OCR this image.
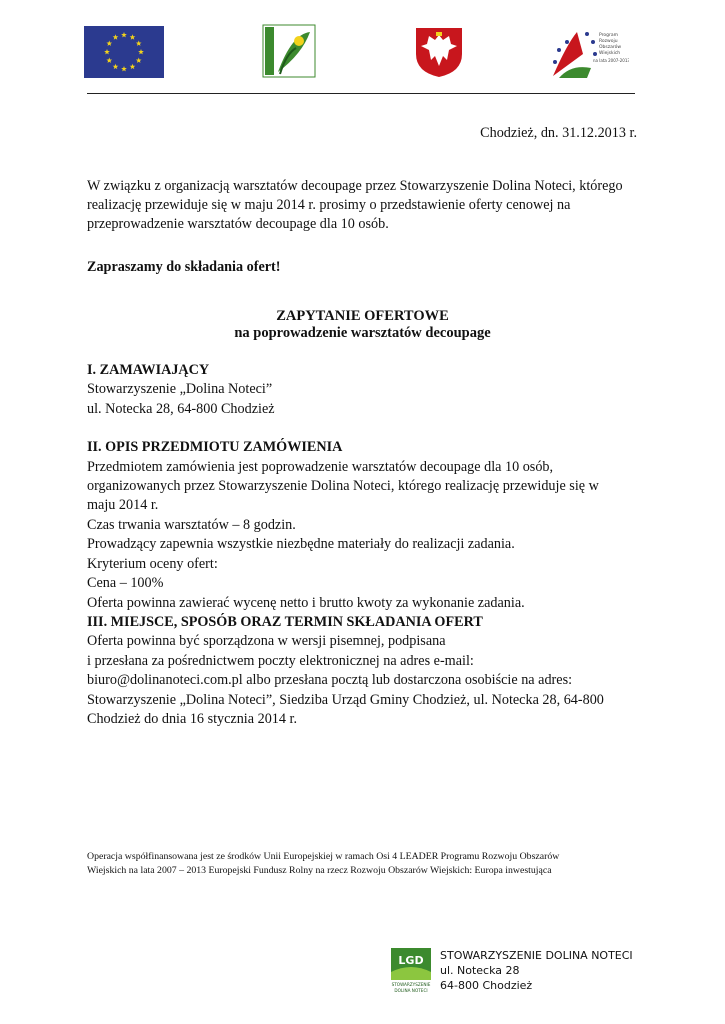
Program
Rozwoju
Obszarów
Wiejskich
na lata 2007-2013
Chodzież, dn. 31.12.2013 r.
W związku z organizacją warsztatów decoupage przez Stowarzyszenie Dolina Noteci, którego realizację przewiduje się w maju 2014 r. prosimy o przedstawienie oferty cenowej na przeprowadzenie warsztatów decoupage dla 10 osób.
Zapraszamy do składania ofert!
ZAPYTANIE OFERTOWE
na poprowadzenie warsztatów decoupage
I. ZAMAWIAJĄCY
Stowarzyszenie „Dolina Noteci”
ul. Notecka 28, 64-800 Chodzież
II. OPIS PRZEDMIOTU ZAMÓWIENIA
Przedmiotem zamówienia jest poprowadzenie warsztatów decoupage dla 10 osób,
organizowanych przez Stowarzyszenie Dolina Noteci, którego realizację przewiduje się w
maju 2014 r.
Czas trwania warsztatów – 8 godzin.
Prowadzący zapewnia wszystkie niezbędne materiały do realizacji zadania.
Kryterium oceny ofert:
Cena – 100%
Oferta powinna zawierać wycenę netto i brutto kwoty za wykonanie zadania.
III. MIEJSCE, SPOSÓB ORAZ TERMIN SKŁADANIA OFERT
Oferta powinna być sporządzona w wersji pisemnej, podpisana
i przesłana za pośrednictwem poczty elektronicznej na adres e-mail:
biuro@dolinanoteci.com.pl albo przesłana pocztą lub dostarczona osobiście na adres:
Stowarzyszenie „Dolina Noteci”, Siedziba Urząd Gminy Chodzież, ul. Notecka 28, 64-800
Chodzież do dnia 16 stycznia 2014 r.
Operacja współfinansowana jest ze środków Unii Europejskiej w ramach Osi 4 LEADER Programu Rozwoju Obszarów
Wiejskich na lata 2007 – 2013 Europejski Fundusz Rolny na rzecz Rozwoju Obszarów Wiejskich: Europa inwestująca
LGD
STOWARZYSZENIE
DOLINA NOTECI
STOWARZYSZENIE DOLINA NOTECI
ul. Notecka 28
64-800 Chodzież
